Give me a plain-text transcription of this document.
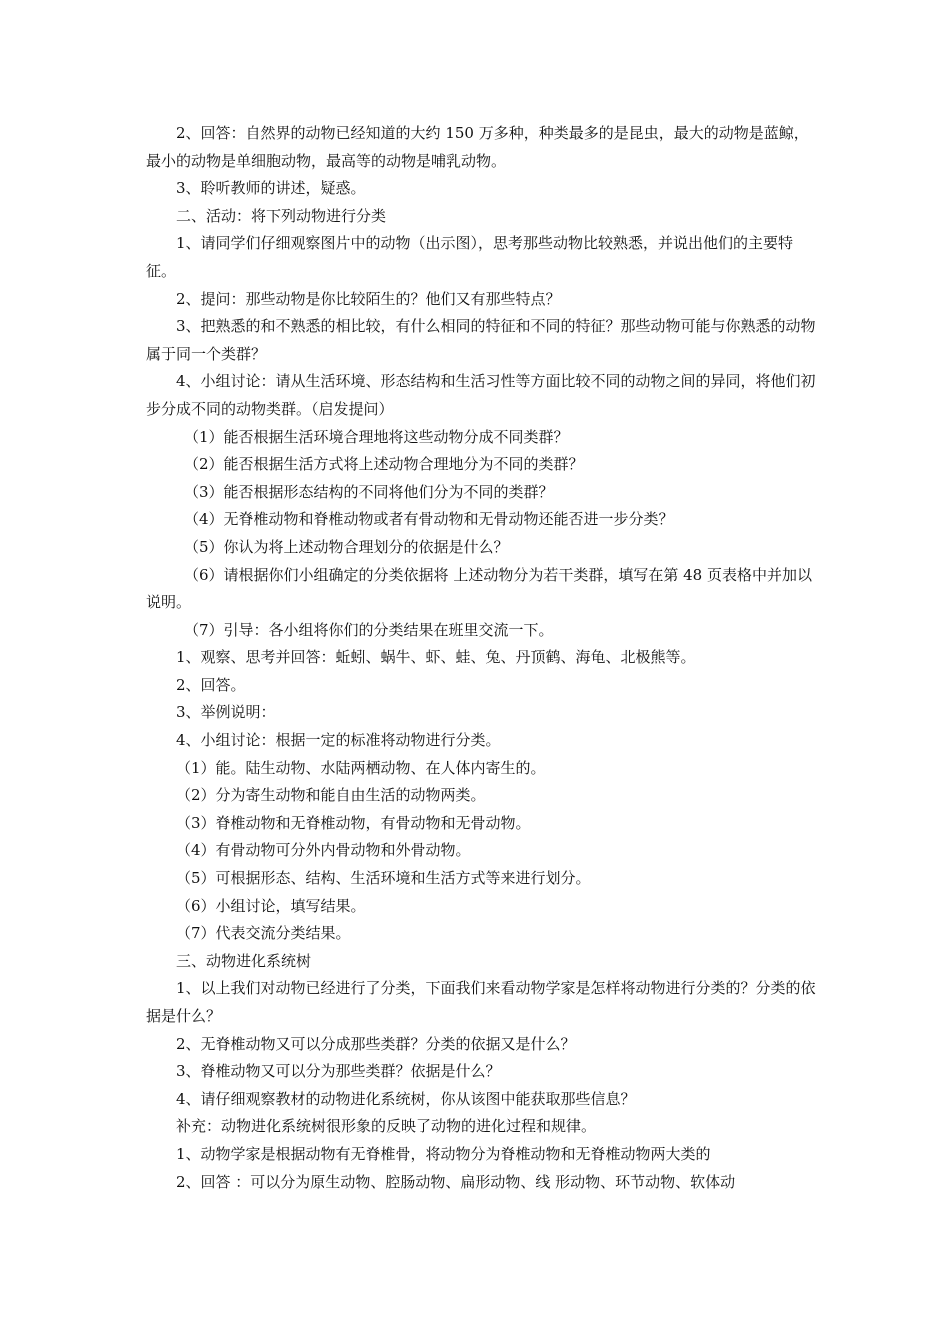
2、回答：自然界的动物已经知道的大约 150 万多种，种类最多的是昆虫，最大的动物是蓝鲸，最小的动物是单细胞动物，最高等的动物是哺乳动物。

3、聆听教师的讲述，疑惑。

二、活动：将下列动物进行分类

1、请同学们仔细观察图片中的动物（出示图），思考那些动物比较熟悉，并说出他们的主要特征。

2、提问：那些动物是你比较陌生的？他们又有那些特点？

3、把熟悉的和不熟悉的相比较，有什么相同的特征和不同的特征？那些动物可能与你熟悉的动物属于同一个类群？

4、小组讨论：请从生活环境、形态结构和生活习性等方面比较不同的动物之间的异同，将他们初步分成不同的动物类群。（启发提问）

（1）能否根据生活环境合理地将这些动物分成不同类群？

（2）能否根据生活方式将上述动物合理地分为不同的类群？

（3）能否根据形态结构的不同将他们分为不同的类群？

（4）无脊椎动物和脊椎动物或者有骨动物和无骨动物还能否进一步分类？

（5）你认为将上述动物合理划分的依据是什么？

（6）请根据你们小组确定的分类依据将 上述动物分为若干类群，填写在第 48 页表格中并加以说明。

（7）引导：各小组将你们的分类结果在班里交流一下。

1、观察、思考并回答：蚯蚓、蜗牛、虾、蛙、兔、丹顶鹤、海龟、北极熊等。

2、回答。

3、举例说明：

4、小组讨论：根据一定的标准将动物进行分类。

（1）能。陆生动物、水陆两栖动物、在人体内寄生的。

（2）分为寄生动物和能自由生活的动物两类。

（3）脊椎动物和无脊椎动物，有骨动物和无骨动物。

（4）有骨动物可分外内骨动物和外骨动物。

（5）可根据形态、结构、生活环境和生活方式等来进行划分。

（6）小组讨论，填写结果。

（7）代表交流分类结果。

三、动物进化系统树

1、以上我们对动物已经进行了分类，下面我们来看动物学家是怎样将动物进行分类的？分类的依据是什么？

2、无脊椎动物又可以分成那些类群？分类的依据又是什么？

3、脊椎动物又可以分为那些类群？依据是什么？

4、请仔细观察教材的动物进化系统树，你从该图中能获取那些信息？

补充：动物进化系统树很形象的反映了动物的进化过程和规律。

1、动物学家是根据动物有无脊椎骨，将动物分为脊椎动物和无脊椎动物两大类的

2、回答 ：可以分为原生动物、腔肠动物、扁形动物、线 形动物、环节动物、软体动
